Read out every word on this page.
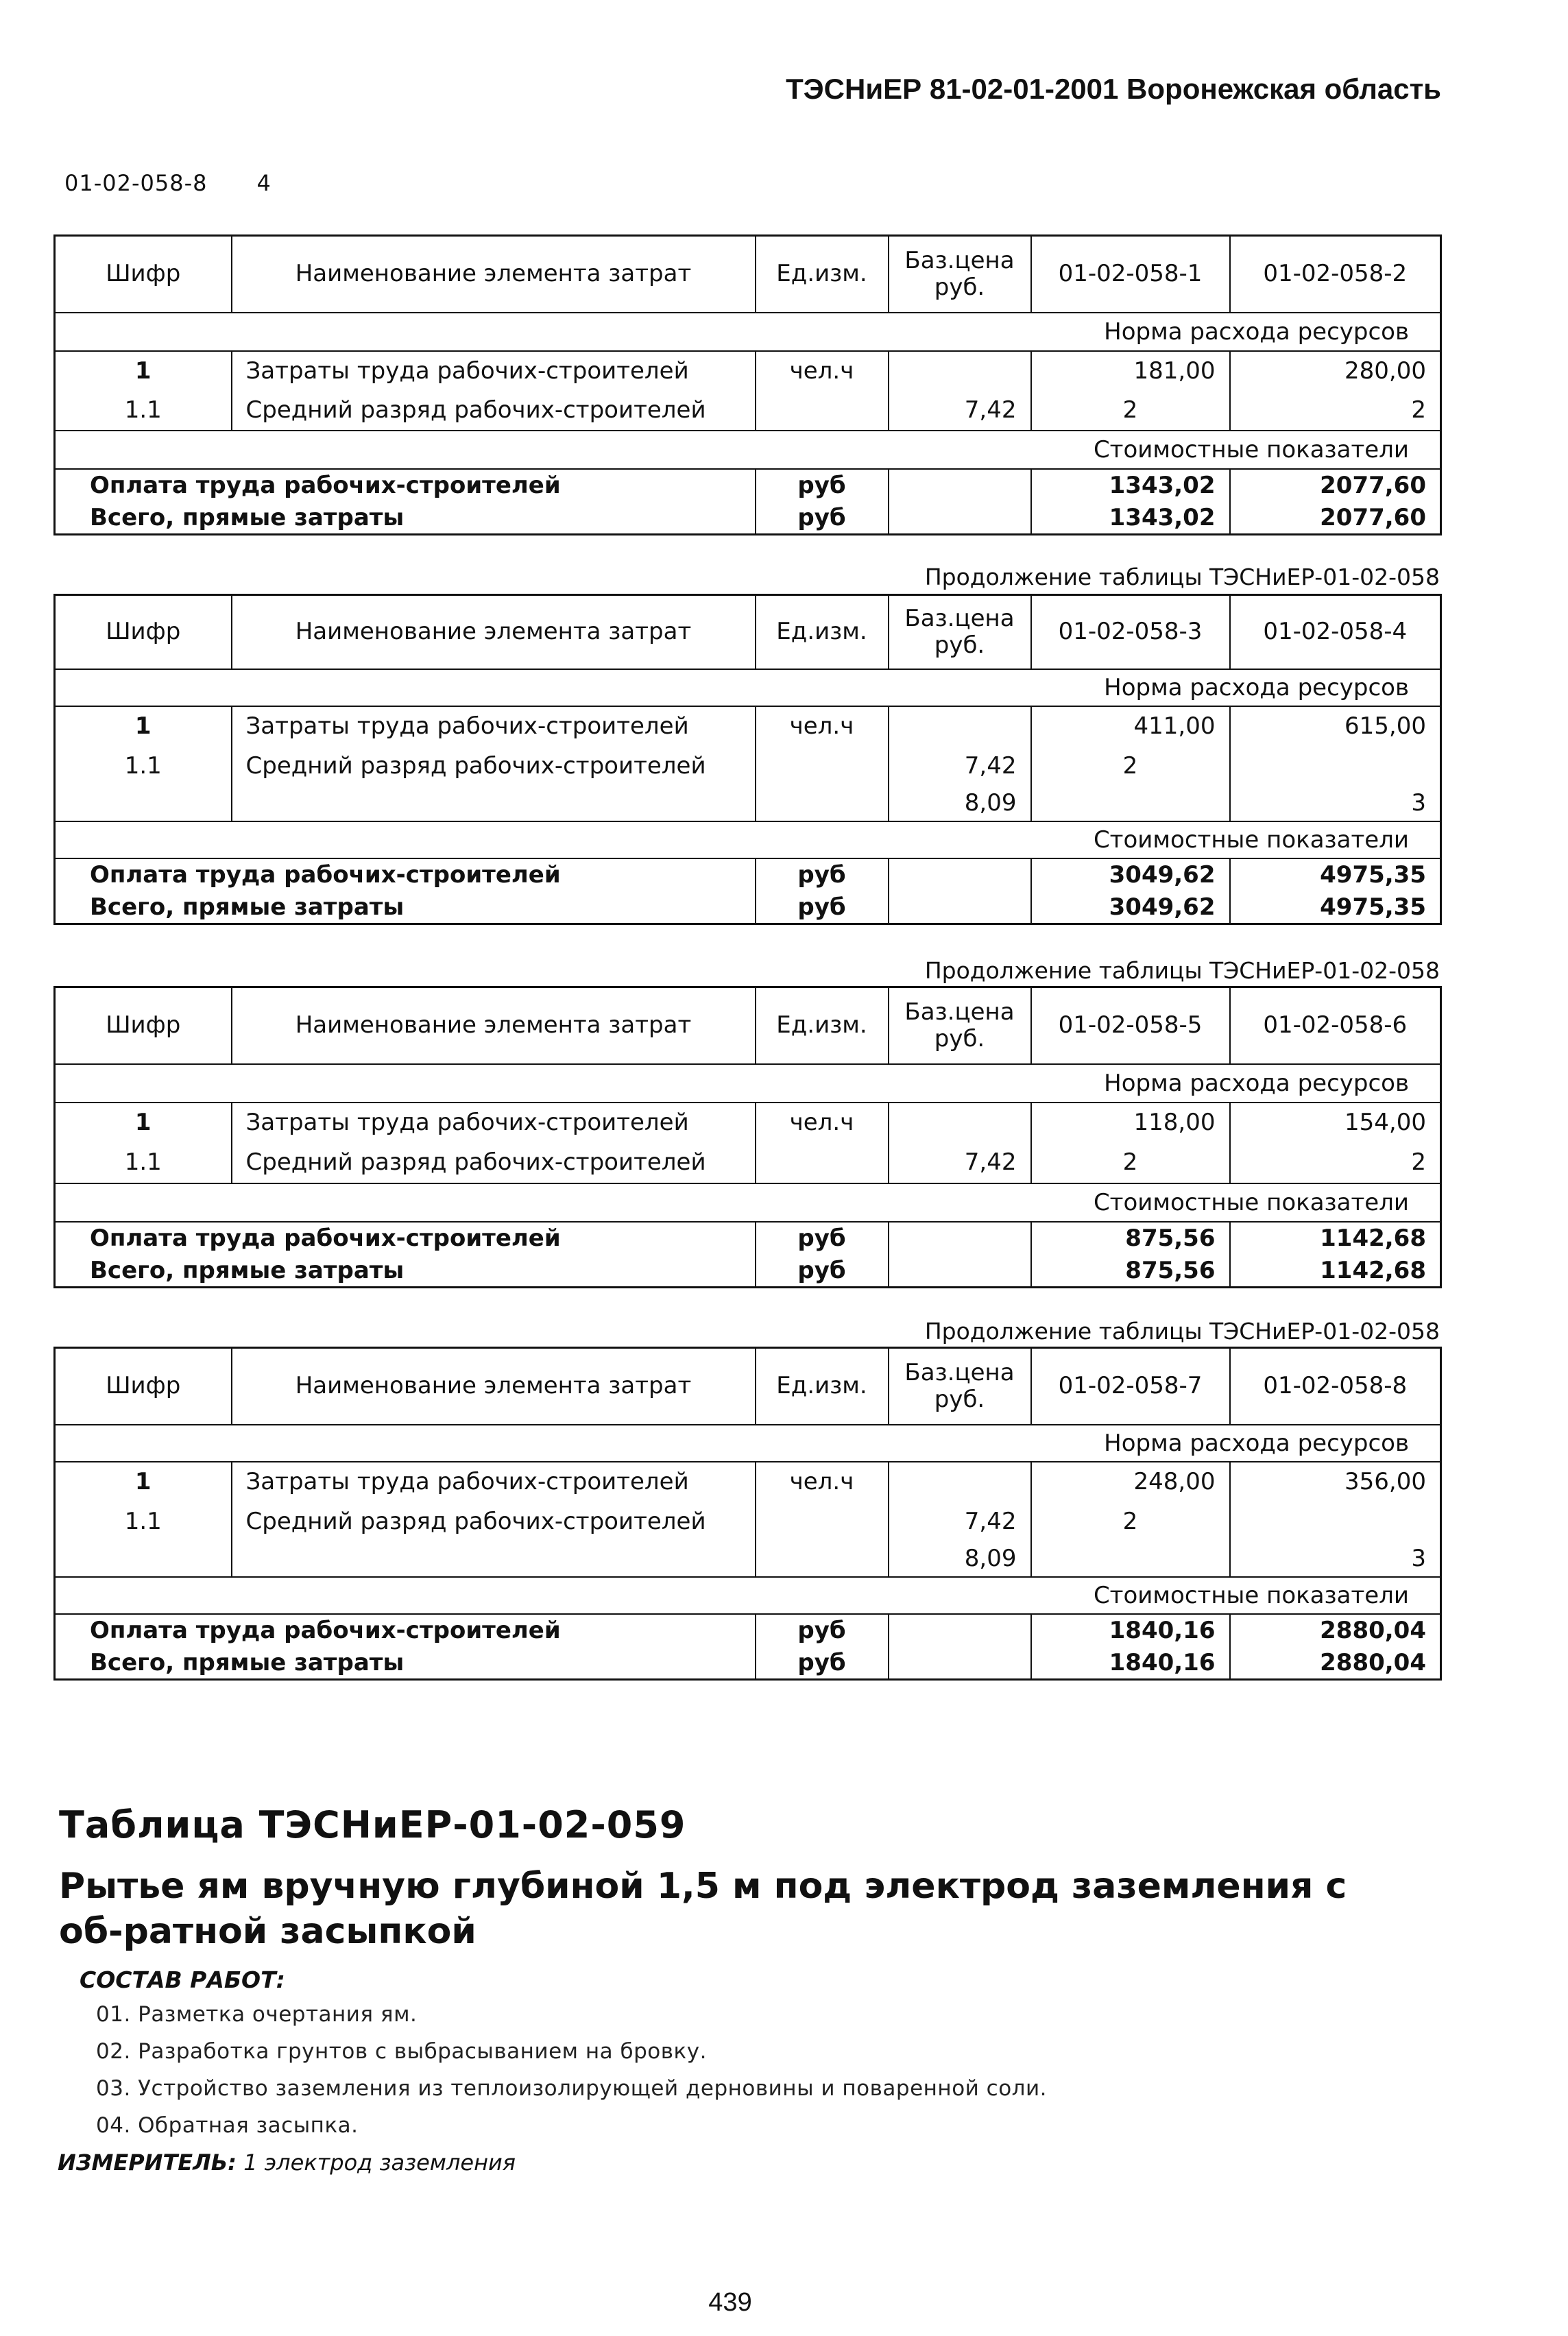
ТЭСНиЕР 81-02-01-2001 Воронежская область
01-02-058-8 4
Шифр	Наименование элемента затрат	Ед.изм.	Баз.цена руб.	01-02-058-1	01-02-058-2
Норма расхода ресурсов					
1	Затраты труда рабочих-строителей	чел.ч		181,00	280,00
1.1	Средний разряд рабочих-строителей		7,42	2	2
Стоимостные показатели					
Оплата труда рабочих-строителей		руб		1343,02	2077,60
Всего, прямые затраты		руб		1343,02	2077,60
Продолжение таблицы ТЭСНиЕР-01-02-058
Шифр	Наименование элемента затрат	Ед.изм.	Баз.цена руб.	01-02-058-3	01-02-058-4
Норма расхода ресурсов					
1	Затраты труда рабочих-строителей	чел.ч		411,00	615,00
1.1	Средний разряд рабочих-строителей		7,42	2	
			8,09		3
Стоимостные показатели					
Оплата труда рабочих-строителей		руб		3049,62	4975,35
Всего, прямые затраты		руб		3049,62	4975,35
Продолжение таблицы ТЭСНиЕР-01-02-058
Шифр	Наименование элемента затрат	Ед.изм.	Баз.цена руб.	01-02-058-5	01-02-058-6
Норма расхода ресурсов					
1	Затраты труда рабочих-строителей	чел.ч		118,00	154,00
1.1	Средний разряд рабочих-строителей		7,42	2	2
Стоимостные показатели					
Оплата труда рабочих-строителей		руб		875,56	1142,68
Всего, прямые затраты		руб		875,56	1142,68
Продолжение таблицы ТЭСНиЕР-01-02-058
Шифр	Наименование элемента затрат	Ед.изм.	Баз.цена руб.	01-02-058-7	01-02-058-8
Норма расхода ресурсов					
1	Затраты труда рабочих-строителей	чел.ч		248,00	356,00
1.1	Средний разряд рабочих-строителей		7,42	2	
			8,09		3
Стоимостные показатели					
Оплата труда рабочих-строителей		руб		1840,16	2880,04
Всего, прямые затраты		руб		1840,16	2880,04
Таблица ТЭСНиЕР-01-02-059
Рытье ям вручную глубиной 1,5 м под электрод заземления с об-ратной засыпкой
СОСТАВ РАБОТ:
01. Разметка очертания ям.
02. Разработка грунтов с выбрасыванием на бровку.
03. Устройство заземления из теплоизолирующей дерновины и поваренной соли.
04. Обратная засыпка.
ИЗМЕРИТЕЛЬ: 1 электрод заземления
439
